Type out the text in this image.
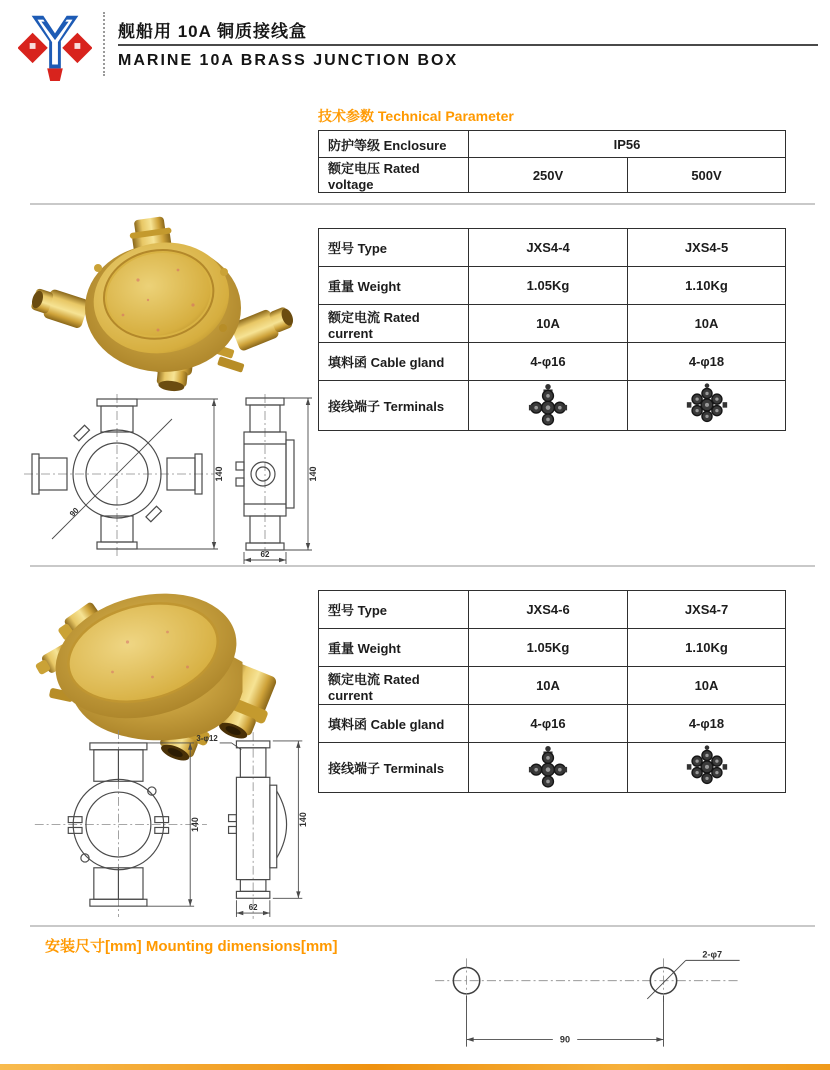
舰船用 10A 铜质接线盒
MARINE 10A BRASS JUNCTION BOX
技术参数 Technical Parameter
防护等级 Enclosure	IP56	
额定电压 Rated voltage	250V	500V
型号 Type	JXS4-4	JXS4-5
重量 Weight	1.05Kg	1.10Kg
额定电流 Rated current	10A	10A
填料函 Cable gland	4-φ16	4-φ18
接线端子 Terminals		
90
140	140
62
型号 Type	JXS4-6	JXS4-7
重量 Weight	1.05Kg	1.10Kg
额定电流 Rated current	10A	10A
填料函 Cable gland	4-φ16	4-φ18
接线端子 Terminals		
140
3-φ12
140
62
安装尺寸[mm] Mounting dimensions[mm]	2-φ7
90
